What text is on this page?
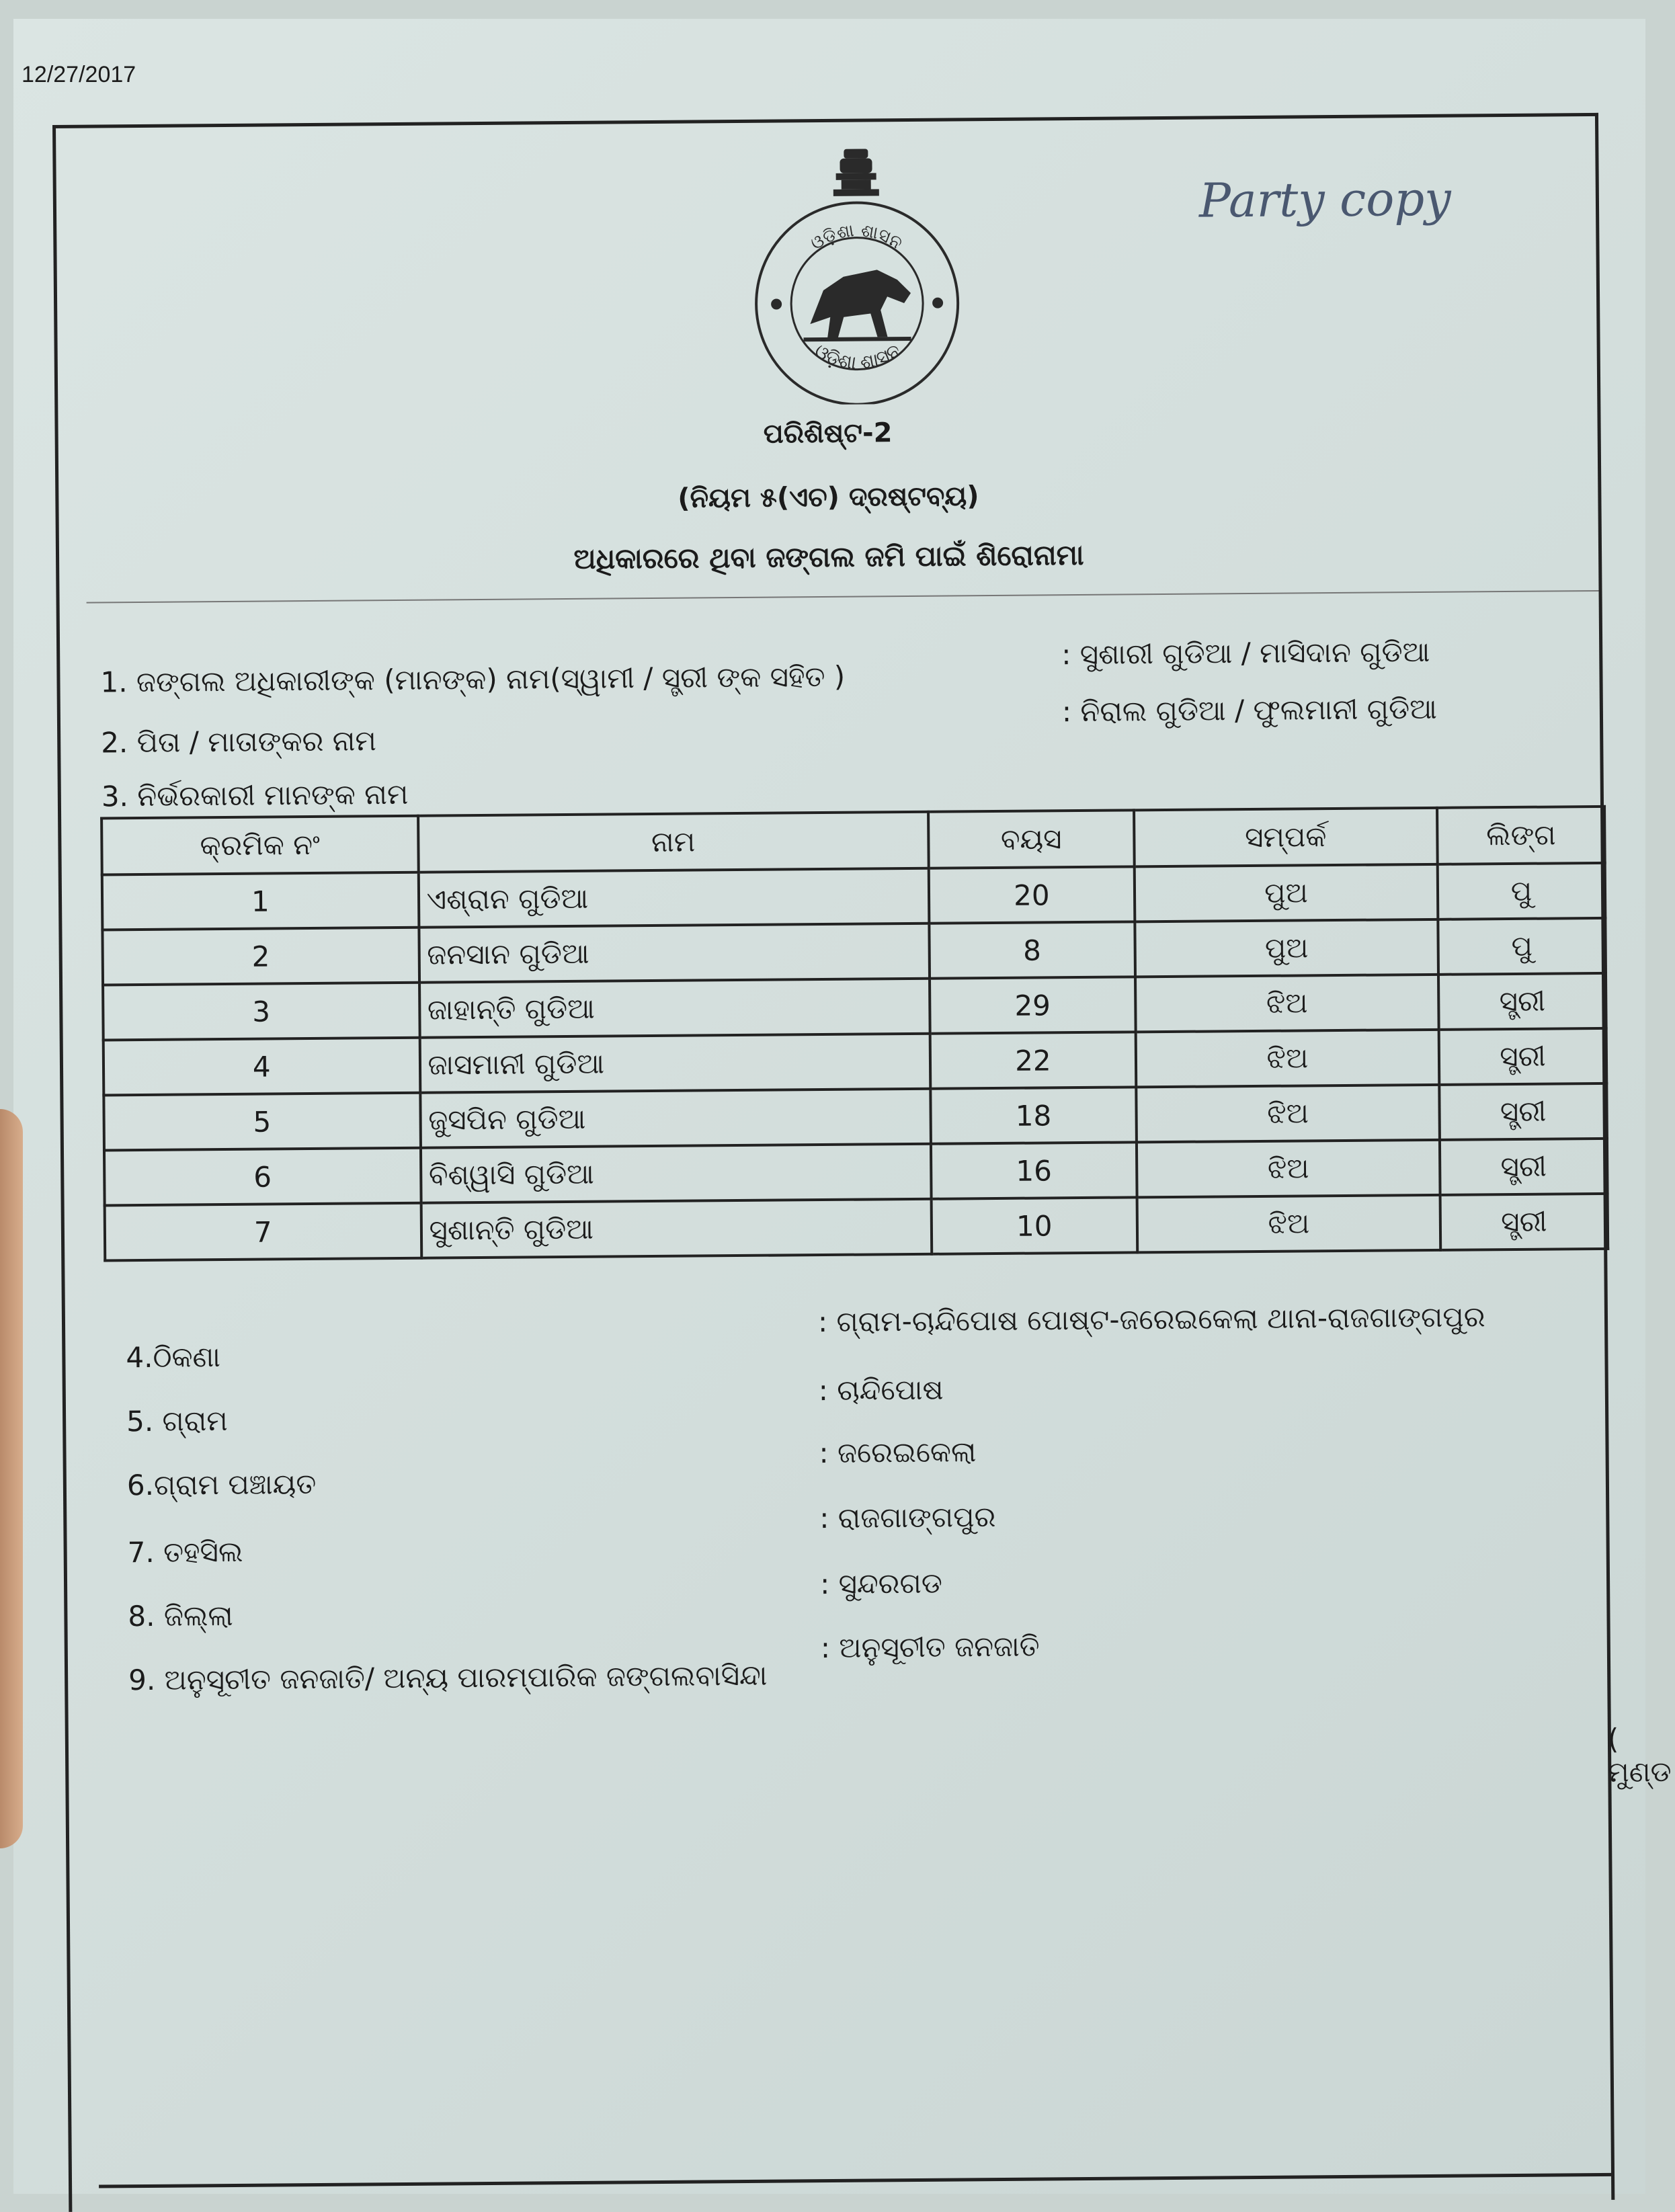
12/27/2017
ଓଡ଼ିଶା ଶାସନ
ଓଡ଼ିଶା ଶାସନ
Party copy
ପରିଶିଷ୍ଟ-2
(ନିୟମ ୫(ଏଚ) ଦ୍ରଷ୍ଟବ୍ୟ)
ଅଧିକାରରେ ଥିବା ଜଙ୍ଗଲ ଜମି ପାଇଁ ଶିରୋନାମା
1. ଜଙ୍ଗଲ ଅଧିକାରୀଙ୍କ (ମାନଙ୍କ) ନାମ(ସ୍ୱାମୀ / ସ୍ତ୍ରୀ ଙ୍କ ସହିତ )
: ସୁଶାରୀ ଗୁଡିଆ / ମାସିଦାନ ଗୁଡିଆ
2. ପିତା / ମାତାଙ୍କର ନାମ
: ନିରାଲ ଗୁଡିଆ / ଫୁଲମାନୀ ଗୁଡିଆ
3. ନିର୍ଭରକାରୀ ମାନଙ୍କ ନାମ
କ୍ରମିକ ନଂ	ନାମ	ବୟସ	ସମ୍ପର୍କ	ଲିଙ୍ଗ
1	ଏଶ୍ରାନ ଗୁଡିଆ	20	ପୁଅ	ପୁ
2	ଜନସାନ ଗୁଡିଆ	8	ପୁଅ	ପୁ
3	ଜାହାନ୍ତି ଗୁଡିଆ	29	ଝିଅ	ସ୍ତ୍ରୀ
4	ଜାସମାନୀ ଗୁଡିଆ	22	ଝିଅ	ସ୍ତ୍ରୀ
5	ଜୁସପିନ ଗୁଡିଆ	18	ଝିଅ	ସ୍ତ୍ରୀ
6	ବିଶ୍ୱାସି ଗୁଡିଆ	16	ଝିଅ	ସ୍ତ୍ରୀ
7	ସୁଶାନ୍ତି ଗୁଡିଆ	10	ଝିଅ	ସ୍ତ୍ରୀ
4.ଠିକଣା
: ଗ୍ରାମ-ଚାନ୍ଦିପୋଷ ପୋଷ୍ଟ-ଜରେଇକେଲା ଥାନା-ରାଜଗାଙ୍ଗପୁର
5. ଗ୍ରାମ
: ଚାନ୍ଦିପୋଷ
6.ଗ୍ରାମ ପଞ୍ଚାୟତ
: ଜରେଇକେଲା
7. ତହସିଲ
: ରାଜଗାଙ୍ଗପୁର
8. ଜିଲ୍ଲା
: ସୁନ୍ଦରଗଡ
9. ଅନୁସୂଚୀତ ଜନଜାତି/ ଅନ୍ୟ ପାରମ୍ପାରିକ ଜଙ୍ଗଲବାସିନ୍ଦା
: ଅନୁସୂଚୀତ ଜନଜାତି
( ମୁଣ୍ଡ
